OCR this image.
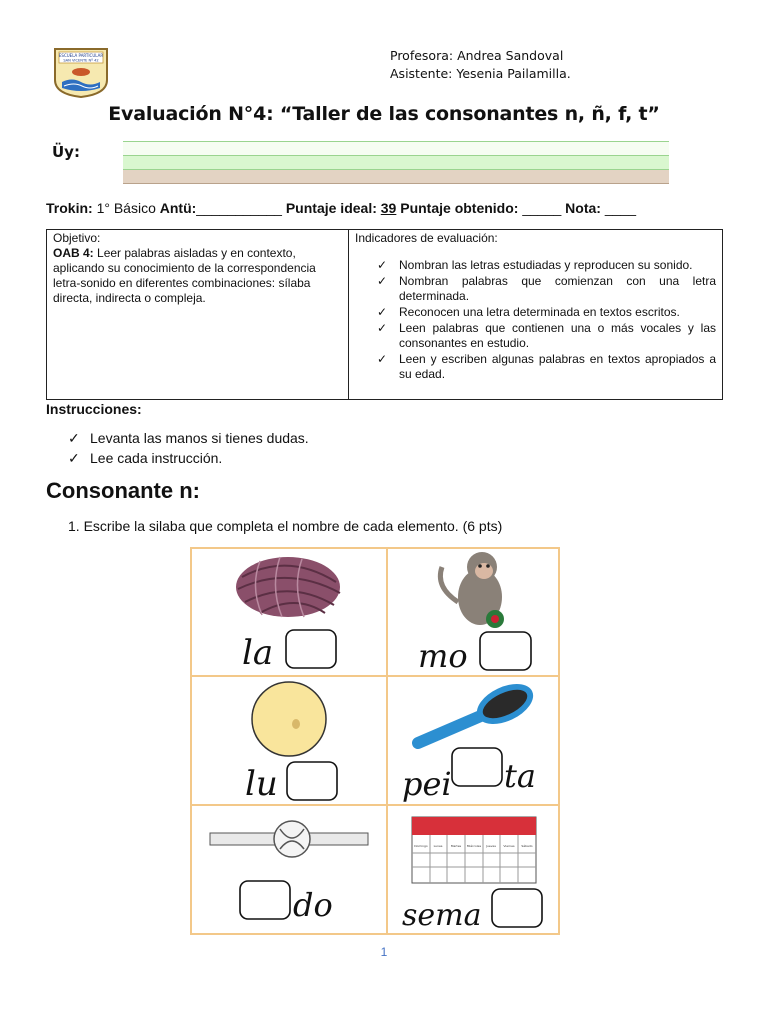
ESCUELA PARTICULAR
SAN VICENTE Nº 42	Profesora: Andrea Sandoval
Asistente: Yesenia Pailamilla.
Evaluación N°4: “Taller de las consonantes n, ñ, f, t”
Üy:
Trokin: 1° Básico Antü:___________ Puntaje ideal: 39 Puntaje obtenido: _____ Nota: ____
Objetivo:
OAB 4: Leer palabras aisladas y en contexto, aplicando su conocimiento de la correspondencia letra-sonido en diferentes combinaciones: sílaba directa, indirecta o compleja.

Indicadores de evaluación:
✓ Nombran las letras estudiadas y reproducen su sonido.
✓ Nombran palabras que comienzan con una letra determinada.
✓ Reconocen una letra determinada en textos escritos.
✓ Leen palabras que contienen una o más vocales y las consonantes en estudio.
✓ Leen y escriben algunas palabras en textos apropiados a su edad.
Instrucciones:
✓ Levanta las manos si tienes dudas.
✓ Lee cada instrucción.
Consonante n:
1. Escribe la silaba que completa el nombre de cada elemento. (6 pts)
la	mo
lu	pei ta
do
Domingo Lunes	Martes Miércoles	Jueves	Viernes Sábado
sema
1
